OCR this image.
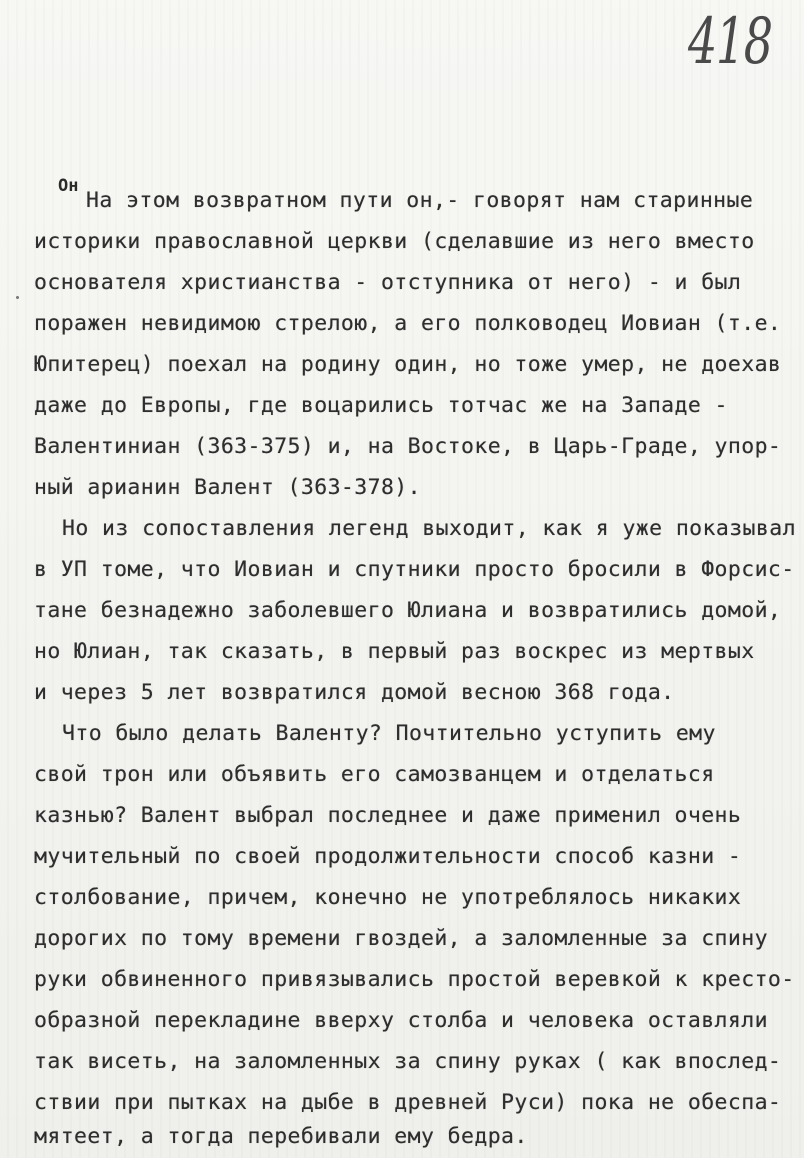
418
Он
На этом возвратном пути он,- говорят нам старинные
историки православной церкви (сделавшие из него вместо
основателя христианства - отступника от него) - и был
поражен невидимою стрелою, а его полководец Иовиан (т.е.
Юпитерец) поехал на родину один, но тоже умер, не доехав
даже до Европы, где воцарились тотчас же на Западе -
Валентиниан (363-375) и, на Востоке, в Царь-Граде, упор-
ный арианин Валент (363-378).
Но из сопоставления легенд выходит, как я уже показывал
в УП томе, что Иовиан и спутники просто бросили в Форсис-
тане безнадежно заболевшего Юлиана и возвратились домой,
но Юлиан, так сказать, в первый раз воскрес из мертвых
и через 5 лет возвратился домой весною 368 года.
Что было делать Валенту? Почтительно уступить ему
свой трон или объявить его самозванцем и отделаться
казнью? Валент выбрал последнее и даже применил очень
мучительный по своей продолжительности способ казни -
столбование, причем, конечно не употреблялось никаких
дорогих по тому времени гвоздей, а заломленные за спину
руки обвиненного привязывались простой веревкой к кресто-
образной перекладине вверху столба и человека оставляли
так висеть, на заломленных за спину руках ( как впослед-
ствии при пытках на дыбе в древней Руси) пока не обеспа-
мятеет, а тогда перебивали ему бедра.
